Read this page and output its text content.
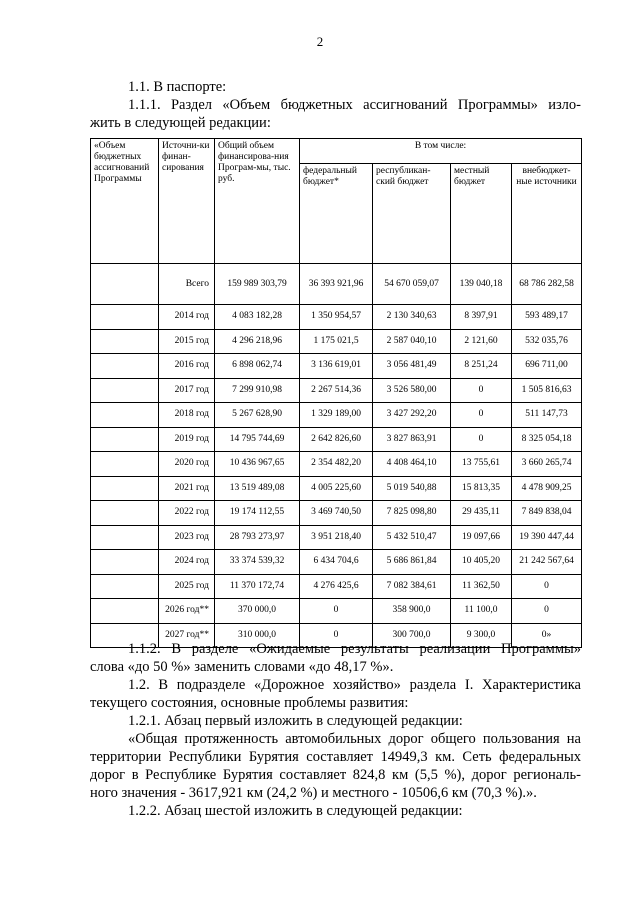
2
1.1. В паспорте:
1.1.1. Раздел «Объем бюджетных ассигнований Программы» изло-
жить в следующей редакции:
«Объем бюджетных ассигнований Программы	Источни-ки финан-сирования	Общий объем финансирова-ния Програм-мы, тыс. руб.	В том числе:			
			федеральный бюджет*	республикан-ский бюджет	местный бюджет	внебюджет-ные источники
	Всего	159 989 303,79	36 393 921,96	54 670 059,07	139 040,18	68 786 282,58
	2014 год	4 083 182,28	1 350 954,57	2 130 340,63	8 397,91	593 489,17
	2015 год	4 296 218,96	1 175 021,5	2 587 040,10	2 121,60	532 035,76
	2016 год	6 898 062,74	3 136 619,01	3 056 481,49	8 251,24	696 711,00
	2017 год	7 299 910,98	2 267 514,36	3 526 580,00	0	1 505 816,63
	2018 год	5 267 628,90	1 329 189,00	3 427 292,20	0	511 147,73
	2019 год	14 795 744,69	2 642 826,60	3 827 863,91	0	8 325 054,18
	2020 год	10 436 967,65	2 354 482,20	4 408 464,10	13 755,61	3 660 265,74
	2021 год	13 519 489,08	4 005 225,60	5 019 540,88	15 813,35	4 478 909,25
	2022 год	19 174 112,55	3 469 740,50	7 825 098,80	29 435,11	7 849 838,04
	2023 год	28 793 273,97	3 951 218,40	5 432 510,47	19 097,66	19 390 447,44
	2024 год	33 374 539,32	6 434 704,6	5 686 861,84	10 405,20	21 242 567,64
	2025 год	11 370 172,74	4 276 425,6	7 082 384,61	11 362,50	0
	2026 год**	370 000,0	0	358 900,0	11 100,0	0
	2027 год**	310 000,0	0	300 700,0	9 300,0	0»
1.1.2. В разделе «Ожидаемые результаты реализации Программы»
слова «до 50 %» заменить словами «до 48,17 %».
1.2. В подразделе «Дорожное хозяйство» раздела I. Характеристика
текущего состояния, основные проблемы развития:
1.2.1. Абзац первый изложить в следующей редакции:
«Общая протяженность автомобильных дорог общего пользования на
территории Республики Бурятия составляет 14949,3 км. Сеть федеральных
дорог в Республике Бурятия составляет 824,8 км (5,5 %), дорог региональ-
ного значения - 3617,921 км (24,2 %) и местного - 10506,6 км (70,3 %).».
1.2.2. Абзац шестой изложить в следующей редакции:
